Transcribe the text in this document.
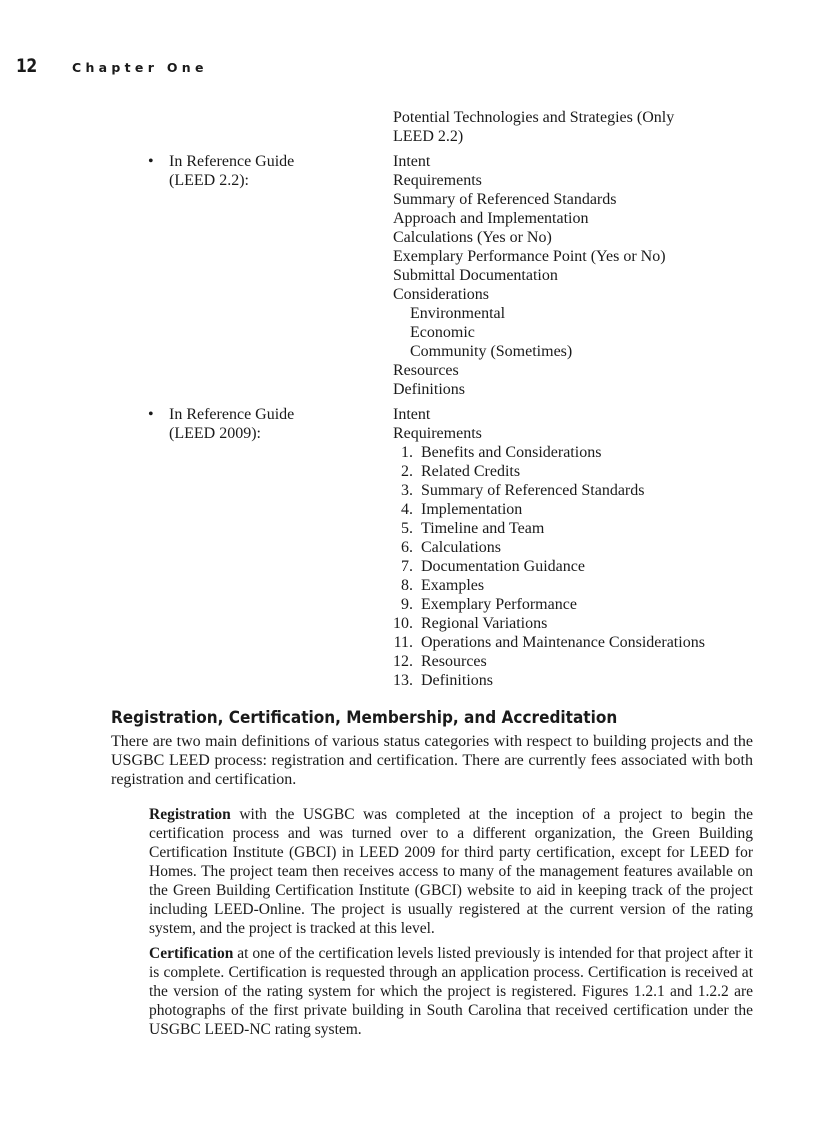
12	Chapter One
Potential Technologies and Strategies (Only
LEED 2.2)
• In Reference Guide
(LEED 2.2):
Intent
Requirements
Summary of Referenced Standards
Approach and Implementation
Calculations (Yes or No)
Exemplary Performance Point (Yes or No)
Submittal Documentation
Considerations
Environmental
Economic
Community (Sometimes)
Resources
Definitions
• In Reference Guide
(LEED 2009):
Intent
Requirements
1. Benefits and Considerations
2. Related Credits
3. Summary of Referenced Standards
4. Implementation
5. Timeline and Team
6. Calculations
7. Documentation Guidance
8. Examples
9. Exemplary Performance
10. Regional Variations
11. Operations and Maintenance Considerations
12. Resources
13. Definitions
Registration, Certification, Membership, and Accreditation

There are two main definitions of various status categories with respect to building projects and the USGBC LEED process: registration and certification. There are currently fees associated with both registration and certification.

Registration with the USGBC was completed at the inception of a project to begin the certification process and was turned over to a different organization, the Green Building Certification Institute (GBCI) in LEED 2009 for third party certification, except for LEED for Homes. The project team then receives access to many of the management features available on the Green Building Certification Institute (GBCI) website to aid in keeping track of the project including LEED-Online. The project is usually registered at the current version of the rating system, and the project is tracked at this level.

Certification at one of the certification levels listed previously is intended for that project after it is complete. Certification is requested through an application process. Certification is received at the version of the rating system for which the project is registered. Figures 1.2.1 and 1.2.2 are photographs of the first private building in South Carolina that received certification under the USGBC LEED-NC rating system.
